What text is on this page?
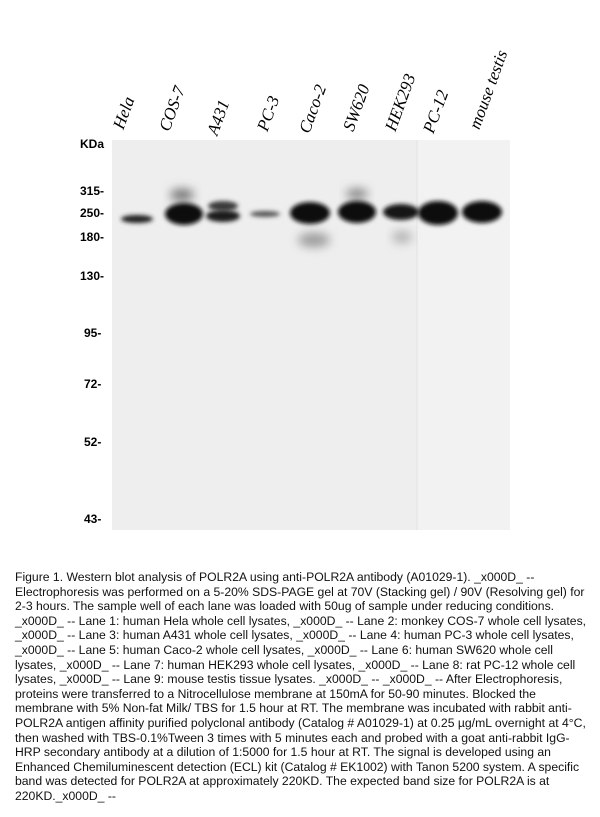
Hela COS-7 A431 PC-3 Caco-2 SW620 HEK293 PC-12 mouse testis
KDa
315-
250-
180-
130-
95-
72-
52-
43-
Figure 1. Western blot analysis of POLR2A using anti-POLR2A antibody (A01029-1). _x000D_ -- Electrophoresis was performed on a 5-20% SDS-PAGE gel at 70V (Stacking gel) / 90V (Resolving gel) for 2-3 hours. The sample well of each lane was loaded with 50ug of sample under reducing conditions. _x000D_ -- Lane 1: human Hela whole cell lysates, _x000D_ -- Lane 2: monkey COS-7 whole cell lysates, _x000D_ -- Lane 3: human A431 whole cell lysates, _x000D_ -- Lane 4: human PC-3 whole cell lysates, _x000D_ -- Lane 5: human Caco-2 whole cell lysates, _x000D_ -- Lane 6: human SW620 whole cell lysates, _x000D_ -- Lane 7: human HEK293 whole cell lysates, _x000D_ -- Lane 8: rat PC-12 whole cell lysates, _x000D_ -- Lane 9: mouse testis tissue lysates. _x000D_ -- _x000D_ -- After Electrophoresis, proteins were transferred to a Nitrocellulose membrane at 150mA for 50-90 minutes. Blocked the membrane with 5% Non-fat Milk/ TBS for 1.5 hour at RT. The membrane was incubated with rabbit anti-POLR2A antigen affinity purified polyclonal antibody (Catalog # A01029-1) at 0.25 µg/mL overnight at 4°C, then washed with TBS-0.1%Tween 3 times with 5 minutes each and probed with a goat anti-rabbit IgG-HRP secondary antibody at a dilution of 1:5000 for 1.5 hour at RT. The signal is developed using an Enhanced Chemiluminescent detection (ECL) kit (Catalog # EK1002) with Tanon 5200 system. A specific band was detected for POLR2A at approximately 220KD. The expected band size for POLR2A is at 220KD._x000D_ --
